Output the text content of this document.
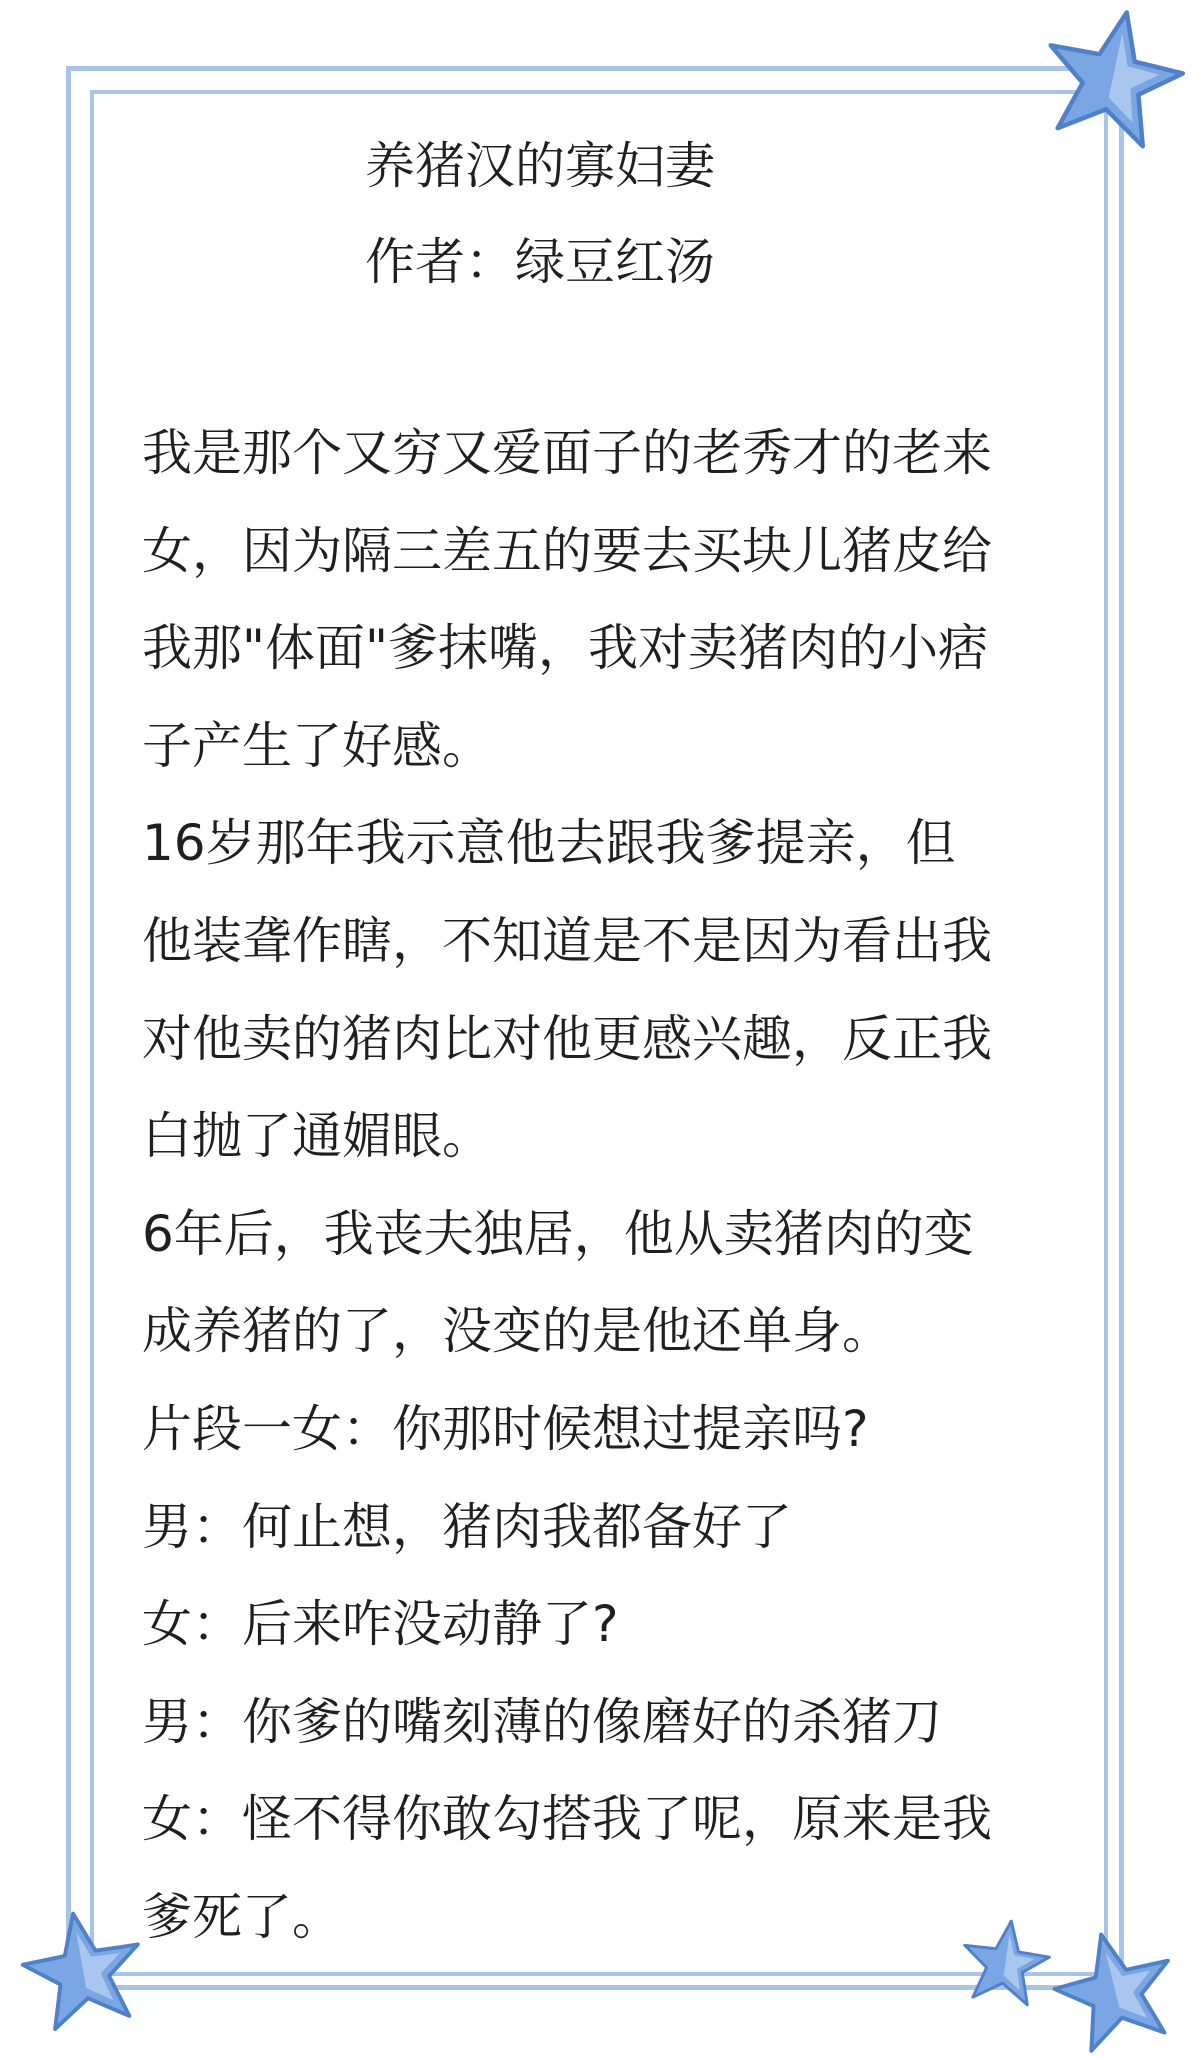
养猪汉的寡妇妻

作者：绿豆红汤

我是那个又穷又爱面子的老秀才的老来

女，因为隔三差五的要去买块儿猪皮给

我那"体面"爹抹嘴，我对卖猪肉的小痞

子产生了好感。

16岁那年我示意他去跟我爹提亲，但

他装聋作瞎，不知道是不是因为看出我

对他卖的猪肉比对他更感兴趣，反正我

白抛了通媚眼。

6年后，我丧夫独居，他从卖猪肉的变

成养猪的了，没变的是他还单身。

片段一女：你那时候想过提亲吗?

男：何止想，猪肉我都备好了

女：后来咋没动静了?

男：你爹的嘴刻薄的像磨好的杀猪刀

女：怪不得你敢勾搭我了呢，原来是我

爹死了。
